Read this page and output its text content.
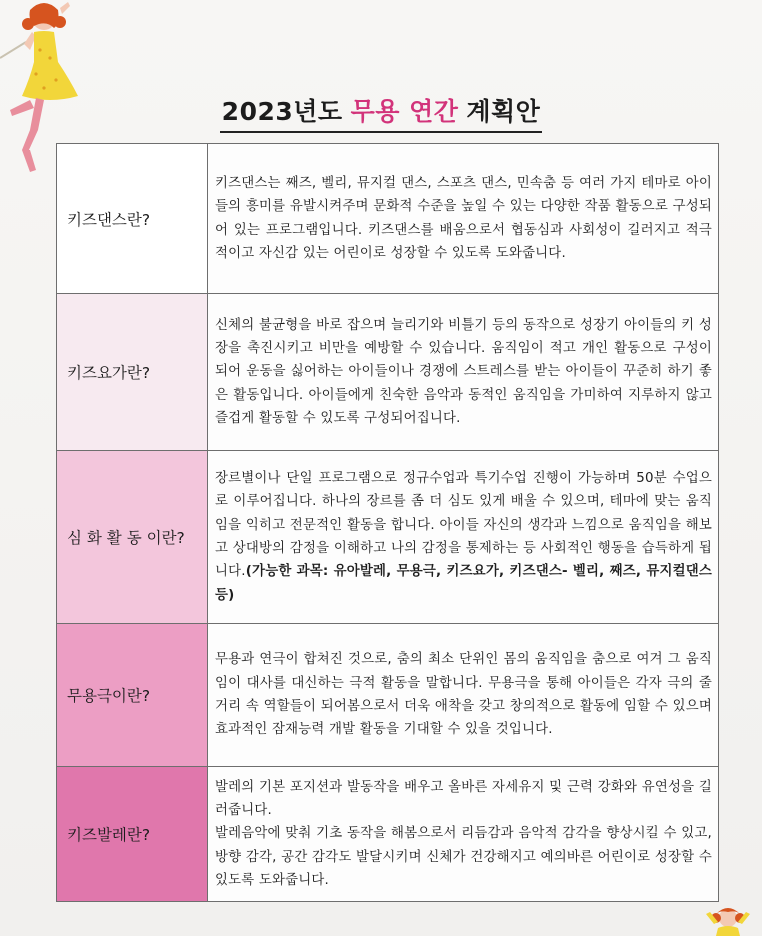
2023년도 무용 연간 계획안
키즈댄스란?	키즈댄스는 째즈, 벨리, 뮤지컬 댄스, 스포츠 댄스, 민속춤 등 여러 가지 테마로 아이들의 흥미를 유발시켜주며 문화적 수준을 높일 수 있는 다양한 작품 활동으로 구성되어 있는 프로그램입니다. 키즈댄스를 배움으로서 협동심과 사회성이 길러지고 적극적이고 자신감 있는 어린이로 성장할 수 있도록 도와줍니다.
키즈요가란?	신체의 불균형을 바로 잡으며 늘리기와 비틀기 등의 동작으로 성장기 아이들의 키 성장을 촉진시키고 비만을 예방할 수 있습니다. 움직임이 적고 개인 활동으로 구성이 되어 운동을 싫어하는 아이들이나 경쟁에 스트레스를 받는 아이들이 꾸준히 하기 좋은 활동입니다. 아이들에게 친숙한 음악과 동적인 움직임을 가미하여 지루하지 않고 즐겁게 활동할 수 있도록 구성되어집니다.
심 화 활 동 이란?	장르별이나 단일 프로그램으로 정규수업과 특기수업 진행이 가능하며 50분 수업으로 이루어집니다. 하나의 장르를 좀 더 심도 있게 배울 수 있으며, 테마에 맞는 움직임을 익히고 전문적인 활동을 합니다. 아이들 자신의 생각과 느낌으로 움직임을 해보고 상대방의 감정을 이해하고 나의 감정을 통제하는 등 사회적인 행동을 습득하게 됩니다.(가능한 과목: 유아발레, 무용극, 키즈요가, 키즈댄스- 벨리, 째즈, 뮤지컬댄스 등)
무용극이란?	무용과 연극이 합쳐진 것으로, 춤의 최소 단위인 몸의 움직임을 춤으로 여겨 그 움직임이 대사를 대신하는 극적 활동을 말합니다. 무용극을 통해 아이들은 각자 극의 줄거리 속 역할들이 되어봄으로서 더욱 애착을 갖고 창의적으로 활동에 임할 수 있으며 효과적인 잠재능력 개발 활동을 기대할 수 있을 것입니다.
키즈발레란?	발레의 기본 포지션과 발동작을 배우고 올바른 자세유지 및 근력 강화와 유연성을 길러줍니다.
발레음악에 맞춰 기초 동작을 해봄으로서 리듬감과 음악적 감각을 향상시킬 수 있고, 방향 감각, 공간 감각도 발달시키며 신체가 건강해지고 예의바른 어린이로 성장할 수 있도록 도와줍니다.
